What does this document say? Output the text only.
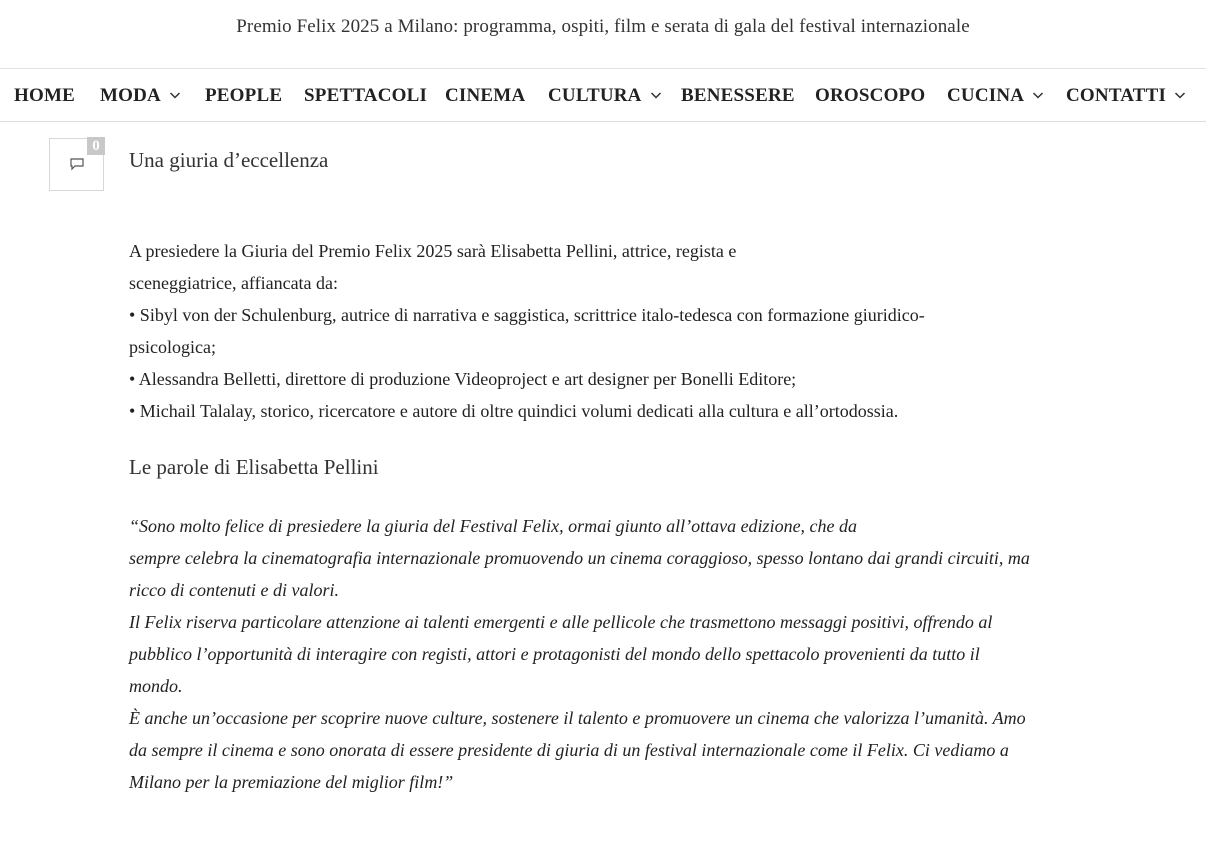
Premio Felix 2025 a Milano: programma, ospiti, film e serata di gala del festival internazionale
HOME MODA PEOPLE SPETTACOLI CINEMA CULTURA BENESSERE OROSCOPO CUCINA CONTATTI
0
Una giuria d’eccellenza
A presiedere la Giuria del Premio Felix 2025 sarà Elisabetta Pellini, attrice, regista e
sceneggiatrice, affiancata da:
• Sibyl von der Schulenburg, autrice di narrativa e saggistica, scrittrice italo-tedesca con formazione giuridico-
psicologica;
• Alessandra Belletti, direttore di produzione Videoproject e art designer per Bonelli Editore;
• Michail Talalay, storico, ricercatore e autore di oltre quindici volumi dedicati alla cultura e all’ortodossia.
Le parole di Elisabetta Pellini
“Sono molto felice di presiedere la giuria del Festival Felix, ormai giunto all’ottava edizione, che da
sempre celebra la cinematografia internazionale promuovendo un cinema coraggioso, spesso lontano dai grandi circuiti, ma
ricco di contenuti e di valori.
Il Felix riserva particolare attenzione ai talenti emergenti e alle pellicole che trasmettono messaggi positivi, offrendo al
pubblico l’opportunità di interagire con registi, attori e protagonisti del mondo dello spettacolo provenienti da tutto il
mondo.
È anche un’occasione per scoprire nuove culture, sostenere il talento e promuovere un cinema che valorizza l’umanità. Amo
da sempre il cinema e sono onorata di essere presidente di giuria di un festival internazionale come il Felix. Ci vediamo a
Milano per la premiazione del miglior film!”
